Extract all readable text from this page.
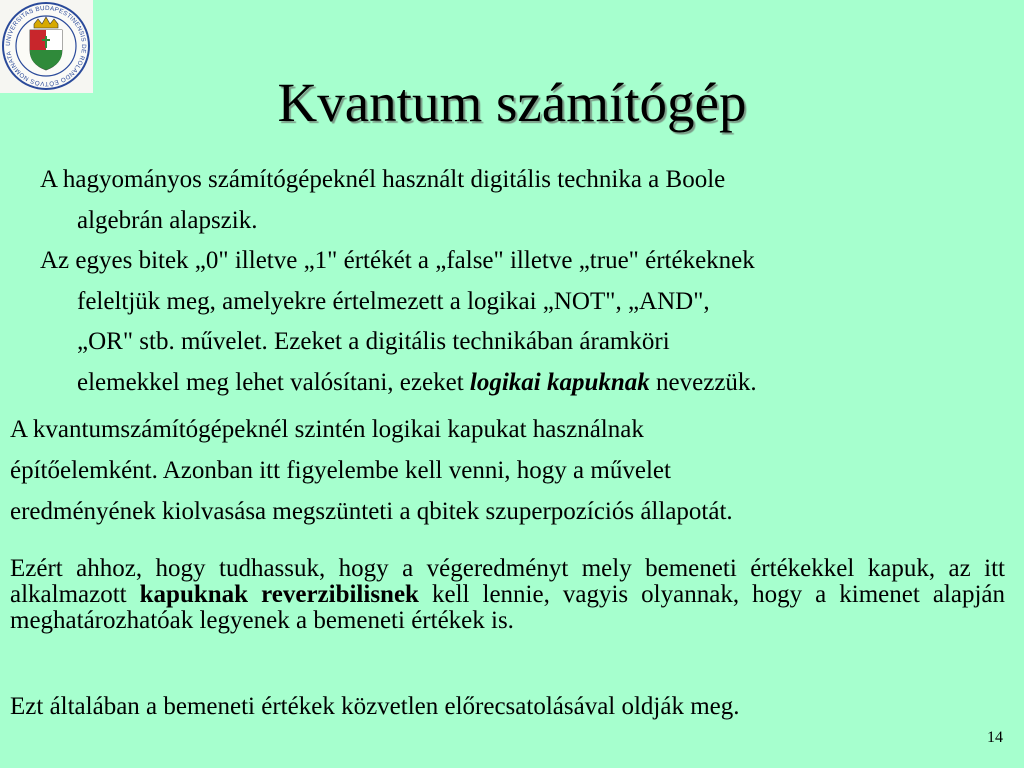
UNIVERSITAS BUDAPESTINENSIS DE ROLANDO EÖTVÖS NOMINATA
Kvantum számítógép

A hagyományos számítógépeknél használt digitális technika a Boole
algebrán alapszik.

Az egyes bitek „0" illetve „1" értékét a „false" illetve „true" értékeknek
feleltjük meg, amelyekre értelmezett a logikai „NOT", „AND",
„OR" stb. művelet. Ezeket a digitális technikában áramköri
elemekkel meg lehet valósítani, ezeket logikai kapuknak nevezzük.

A kvantumszámítógépeknél szintén logikai kapukat használnak
építőelemként. Azonban itt figyelembe kell venni, hogy a művelet
eredményének kiolvasása megszünteti a qbitek szuperpozíciós állapotát.

Ezért ahhoz, hogy tudhassuk, hogy a végeredményt mely bemeneti értékekkel kapuk, az itt alkalmazott kapuknak reverzibilisnek kell lennie, vagyis olyannak, hogy a kimenet alapján meghatározhatóak legyenek a bemeneti értékek is.

Ezt általában a bemeneti értékek közvetlen előrecsatolásával oldják meg.

14
